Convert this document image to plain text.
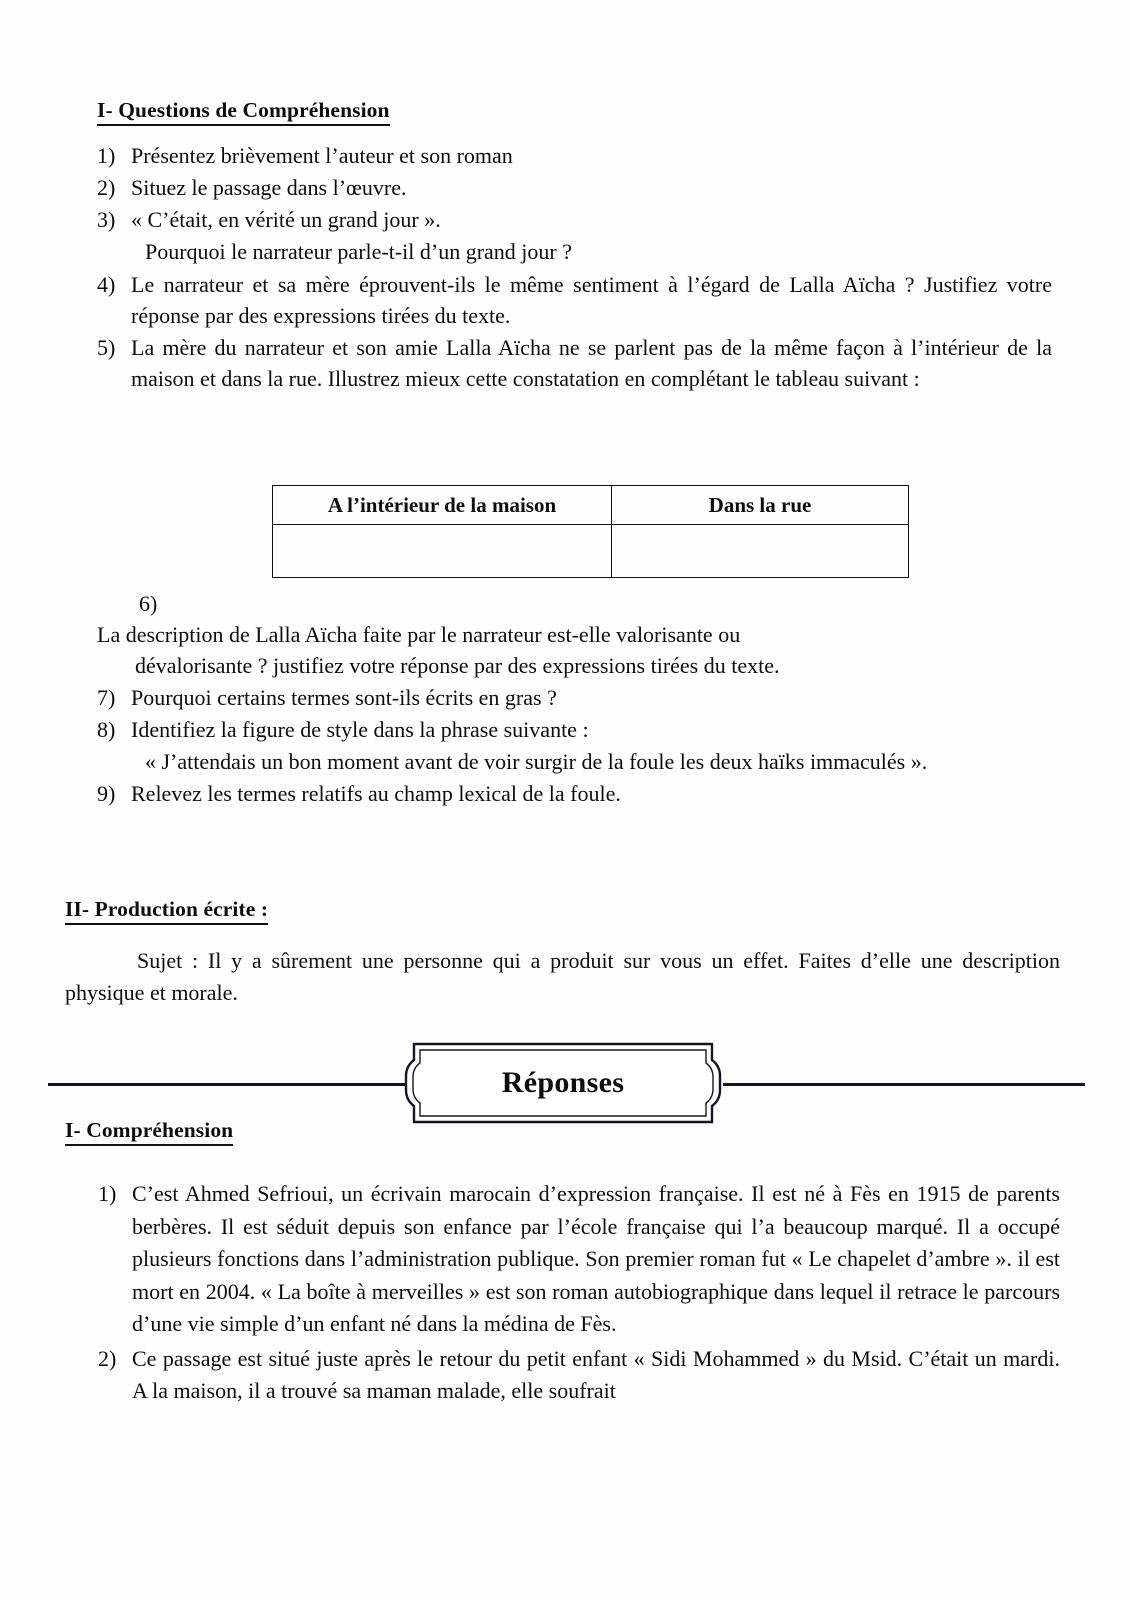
I- Questions de Compréhension
1) Présentez brièvement l’auteur et son roman
2) Situez le passage dans l’œuvre.
3) « C’était, en vérité un grand jour ».
Pourquoi le narrateur parle-t-il d’un grand jour ?
4) Le narrateur et sa mère éprouvent-ils le même sentiment à l’égard de Lalla Aïcha ? Justifiez votre réponse par des expressions tirées du texte.
5) La mère du narrateur et son amie Lalla Aïcha ne se parlent pas de la même façon à l’intérieur de la maison et dans la rue. Illustrez mieux cette constatation en complétant le tableau suivant :
A l’intérieur de la maison	Dans la rue

6)
La description de Lalla Aïcha faite par le narrateur est-elle valorisante ou
dévalorisante ? justifiez votre réponse par des expressions tirées du texte.
7) Pourquoi certains termes sont-ils écrits en gras ?
8) Identifiez la figure de style dans la phrase suivante :
« J’attendais un bon moment avant de voir surgir de la foule les deux haïks immaculés ».
9) Relevez les termes relatifs au champ lexical de la foule.
II- Production écrite :
Sujet : Il y a sûrement une personne qui a produit sur vous un effet. Faites d’elle une description physique et morale.
Réponses
I- Compréhension
1) C’est Ahmed Sefrioui, un écrivain marocain d’expression française. Il est né à Fès en 1915 de parents berbères. Il est séduit depuis son enfance par l’école française qui l’a beaucoup marqué. Il a occupé plusieurs fonctions dans l’administration publique. Son premier roman fut « Le chapelet d’ambre ». il est mort en 2004. « La boîte à merveilles » est son roman autobiographique dans lequel il retrace le parcours d’une vie simple d’un enfant né dans la médina de Fès.
2) Ce passage est situé juste après le retour du petit enfant « Sidi Mohammed » du Msid. C’était un mardi. A la maison, il a trouvé sa maman malade, elle soufrait
